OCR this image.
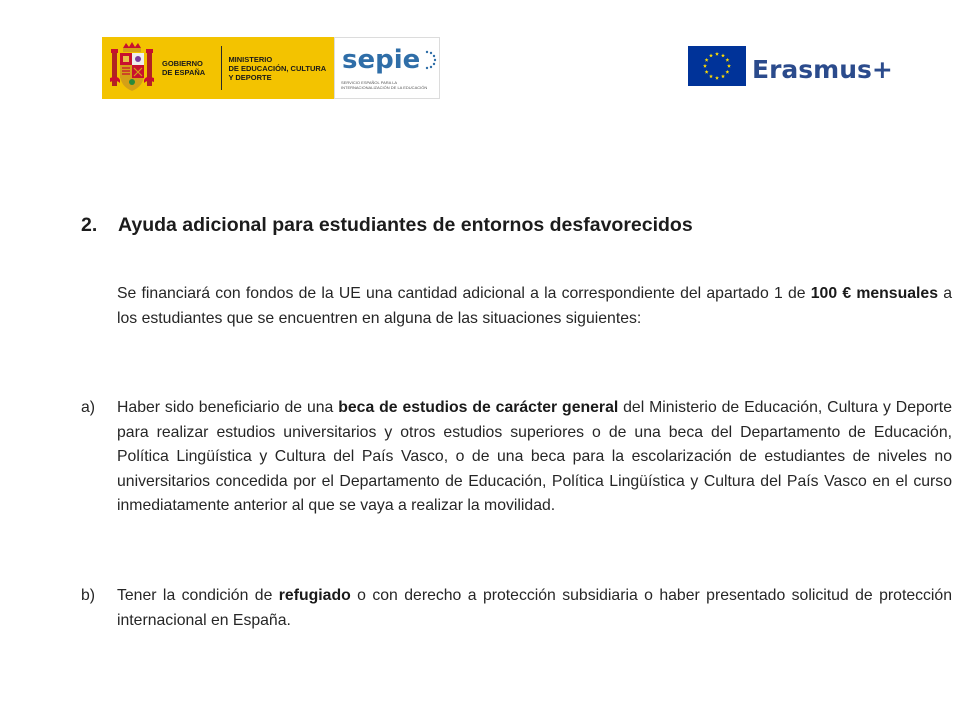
GOBIERNO
DE ESPAÑA
MINISTERIO
DE EDUCACIÓN, CULTURA
Y DEPORTE
sepie
SERVICIO ESPAÑOL PARA LA
INTERNACIONALIZACIÓN DE LA EDUCACIÓN
Erasmus+
2. Ayuda adicional para estudiantes de entornos desfavorecidos
Se financiará con fondos de la UE una cantidad adicional a la correspondiente del apartado 1 de 100 € mensuales a los estudiantes que se encuentren en alguna de las situaciones siguientes:
a)	Haber sido beneficiario de una beca de estudios de carácter general del Ministerio de Educación, Cultura y Deporte para realizar estudios universitarios y otros estudios superiores o de una beca del Departamento de Educación, Política Lingüística y Cultura del País Vasco, o de una beca para la escolarización de estudiantes de niveles no universitarios concedida por el Departamento de Educación, Política Lingüística y Cultura del País Vasco en el curso inmediatamente anterior al que se vaya a realizar la movilidad.
b)	Tener la condición de refugiado o con derecho a protección subsidiaria o haber presentado solicitud de protección internacional en España.
